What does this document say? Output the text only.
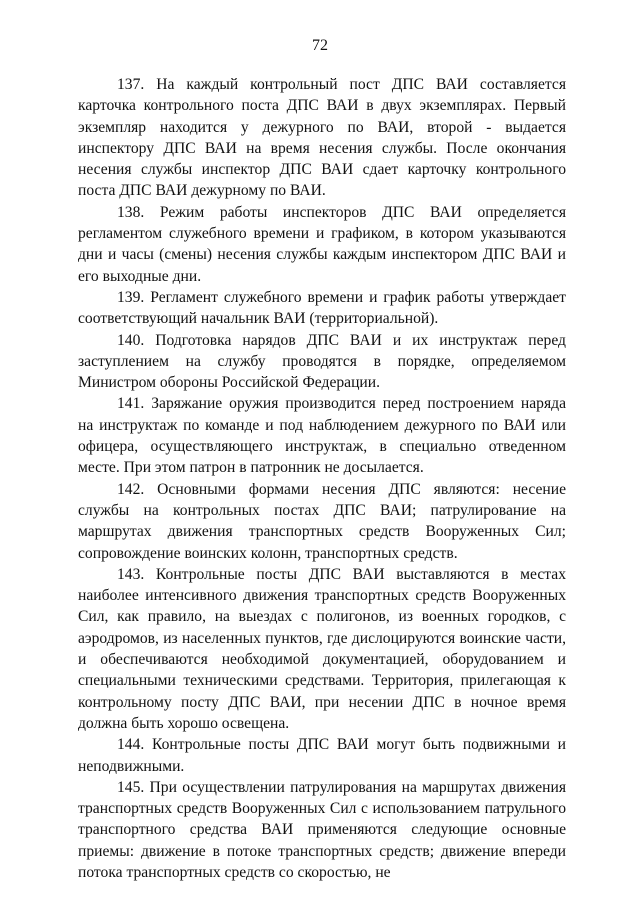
72

137. На каждый контрольный пост ДПС ВАИ составляется карточка контрольного поста ДПС ВАИ в двух экземплярах. Первый экземпляр находится у дежурного по ВАИ, второй - выдается инспектору ДПС ВАИ на время несения службы. После окончания несения службы инспектор ДПС ВАИ сдает карточку контрольного поста ДПС ВАИ дежурному по ВАИ.

138. Режим работы инспекторов ДПС ВАИ определяется регламентом служебного времени и графиком, в котором указываются дни и часы (смены) несения службы каждым инспектором ДПС ВАИ и его выходные дни.

139. Регламент служебного времени и график работы утверждает соответствующий начальник ВАИ (территориальной).

140. Подготовка нарядов ДПС ВАИ и их инструктаж перед заступлением на службу проводятся в порядке, определяемом Министром обороны Российской Федерации.

141. Заряжание оружия производится перед построением наряда на инструктаж по команде и под наблюдением дежурного по ВАИ или офицера, осуществляющего инструктаж, в специально отведенном месте. При этом патрон в патронник не досылается.

142. Основными формами несения ДПС являются: несение службы на контрольных постах ДПС ВАИ; патрулирование на маршрутах движения транспортных средств Вооруженных Сил; сопровождение воинских колонн, транспортных средств.

143. Контрольные посты ДПС ВАИ выставляются в местах наиболее интенсивного движения транспортных средств Вооруженных Сил, как правило, на выездах с полигонов, из военных городков, с аэродромов, из населенных пунктов, где дислоцируются воинские части, и обеспечиваются необходимой документацией, оборудованием и специальными техническими средствами. Территория, прилегающая к контрольному посту ДПС ВАИ, при несении ДПС в ночное время должна быть хорошо освещена.

144. Контрольные посты ДПС ВАИ могут быть подвижными и неподвижными.

145. При осуществлении патрулирования на маршрутах движения транспортных средств Вооруженных Сил с использованием патрульного транспортного средства ВАИ применяются следующие основные приемы: движение в потоке транспортных средств; движение впереди потока транспортных средств со скоростью, не
